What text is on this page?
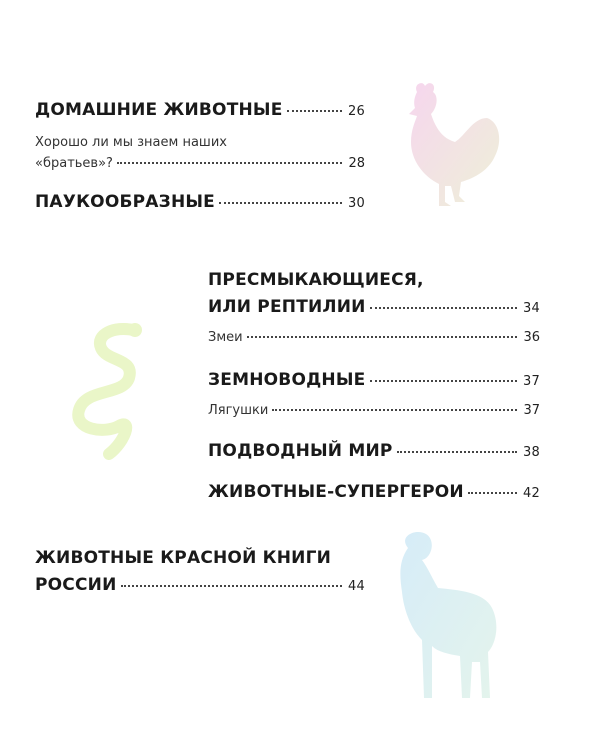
ДОМАШНИЕ ЖИВОТНЫЕ	26
Хорошо ли мы знаем наших
«братьев»?	28
ПАУКООБРАЗНЫЕ	30
ПРЕСМЫКАЮЩИЕСЯ,
ИЛИ РЕПТИЛИИ	34
Змеи	36
ЗЕМНОВОДНЫЕ	37
Лягушки	37
ПОДВОДНЫЙ МИР	38
ЖИВОТНЫЕ-СУПЕРГЕРОИ	42
ЖИВОТНЫЕ КРАСНОЙ КНИГИ
РОССИИ	44
